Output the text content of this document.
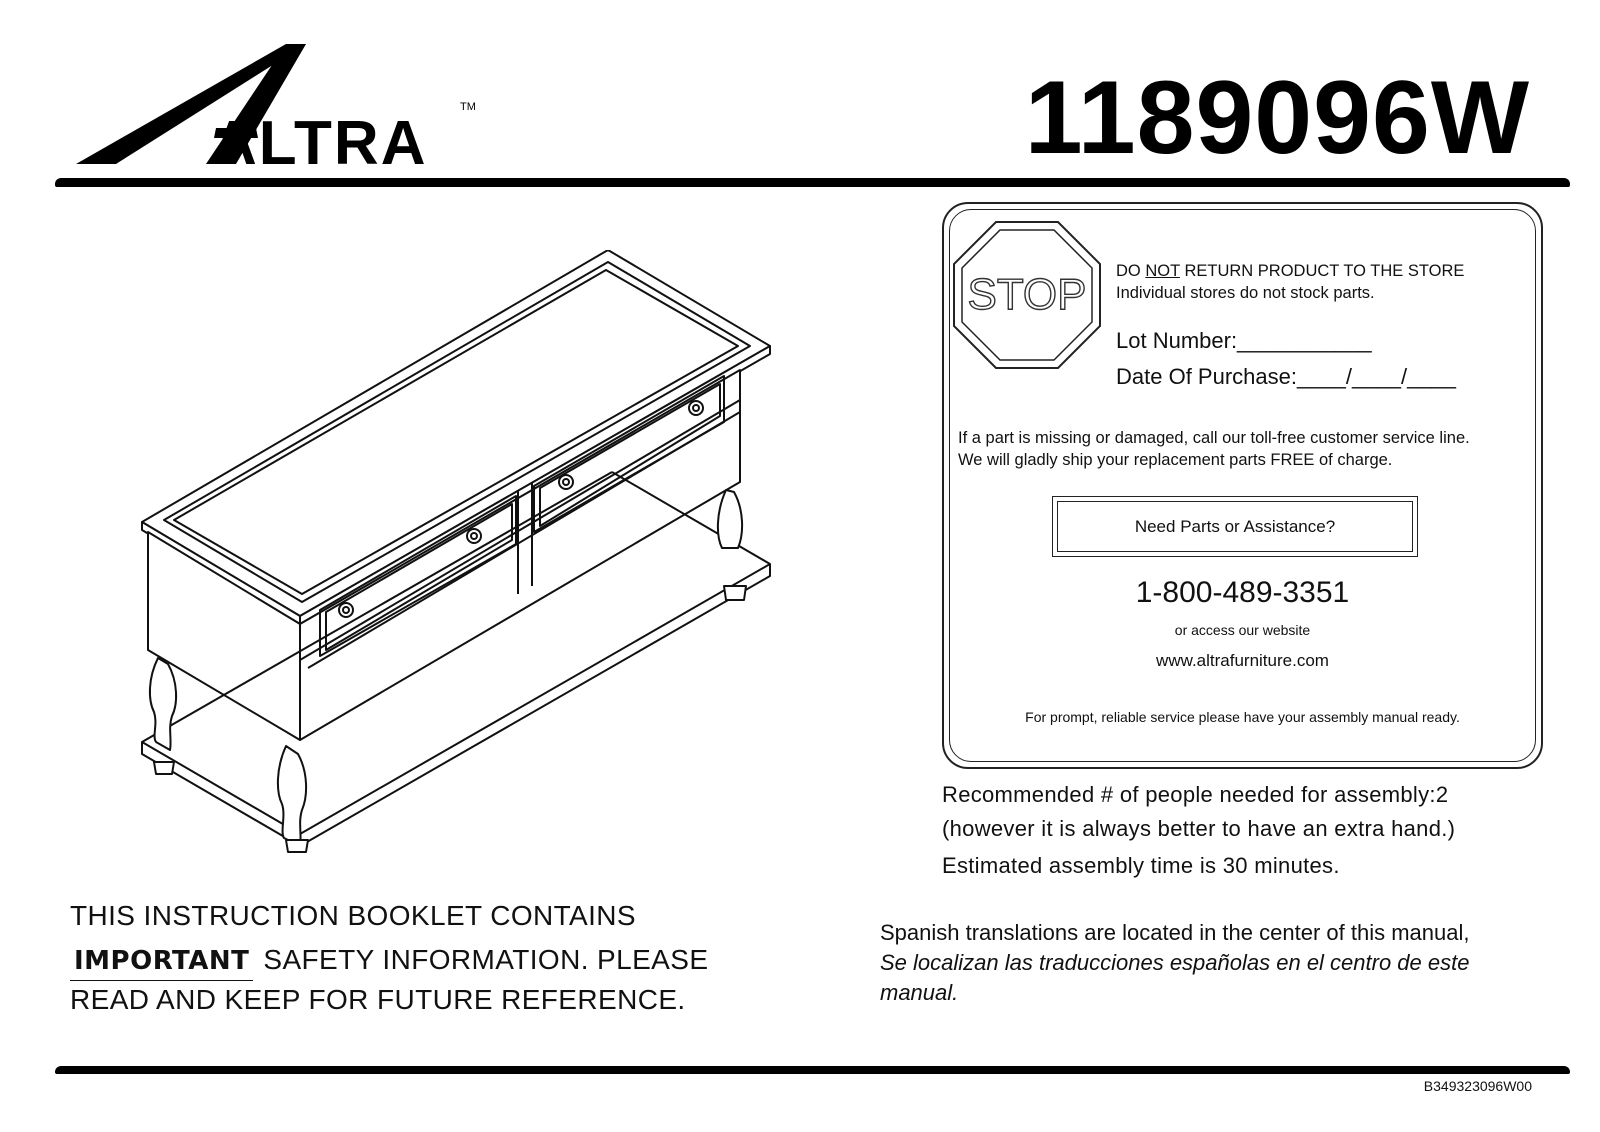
ALTRA
TM	1189096W
STOP DO NOT RETURN PRODUCT TO THE STORE
Individual stores do not stock parts.
Lot Number:___________
Date Of Purchase:____/____/____
If a part is missing or damaged, call our toll-free customer service line.
We will gladly ship your replacement parts FREE of charge.
Need Parts or Assistance?
1-800-489-3351
or access our website
www.altrafurniture.com
For prompt, reliable service please have your assembly manual ready.
Recommended # of people needed for assembly:2
(however it is always better to have an extra hand.)
Estimated assembly time is 30 minutes.
THIS INSTRUCTION BOOKLET CONTAINS
IMPORTANT SAFETY INFORMATION. PLEASE
READ AND KEEP FOR FUTURE REFERENCE.
Spanish translations are located in the center of this manual,
Se localizan las traducciones españolas en el centro de este
manual.
B349323096W00
